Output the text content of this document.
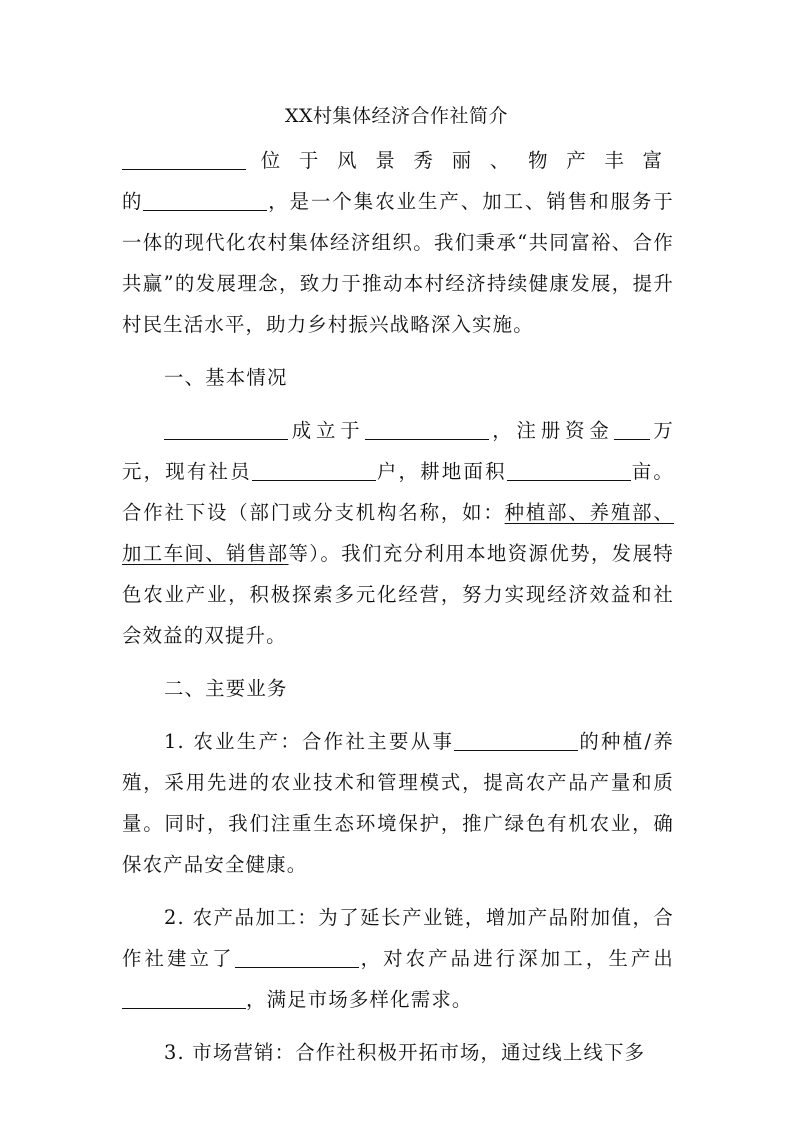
XX村集体经济合作社简介
位于风景秀丽、物产丰富
的	，是一个集农业生产、加工、销售和服务于一体的现代化农村集体经济组织。我们秉承“共同富裕、合作共赢”的发展理念，致力于推动本村经济持续健康发展，提升村民生活水平，助力乡村振兴战略深入实施。
一、基本情况
成立于	，注册资金 万元，现有社员	户，耕地面积	亩。合作社下设（部门或分支机构名称，如：种植部、养殖部、加工车间、销售部等）。我们充分利用本地资源优势，发展特色农业产业，积极探索多元化经营，努力实现经济效益和社会效益的双提升。
二、主要业务
1. 农业生产：合作社主要从事	的种植/养殖，采用先进的农业技术和管理模式，提高农产品产量和质量。同时，我们注重生态环境保护，推广绿色有机农业，确保农产品安全健康。
2. 农产品加工：为了延长产业链，增加产品附加值，合作社建立了	，对农产品进行深加工，生产出，满足市场多样化需求。
3. 市场营销：合作社积极开拓市场，通过线上线下多
